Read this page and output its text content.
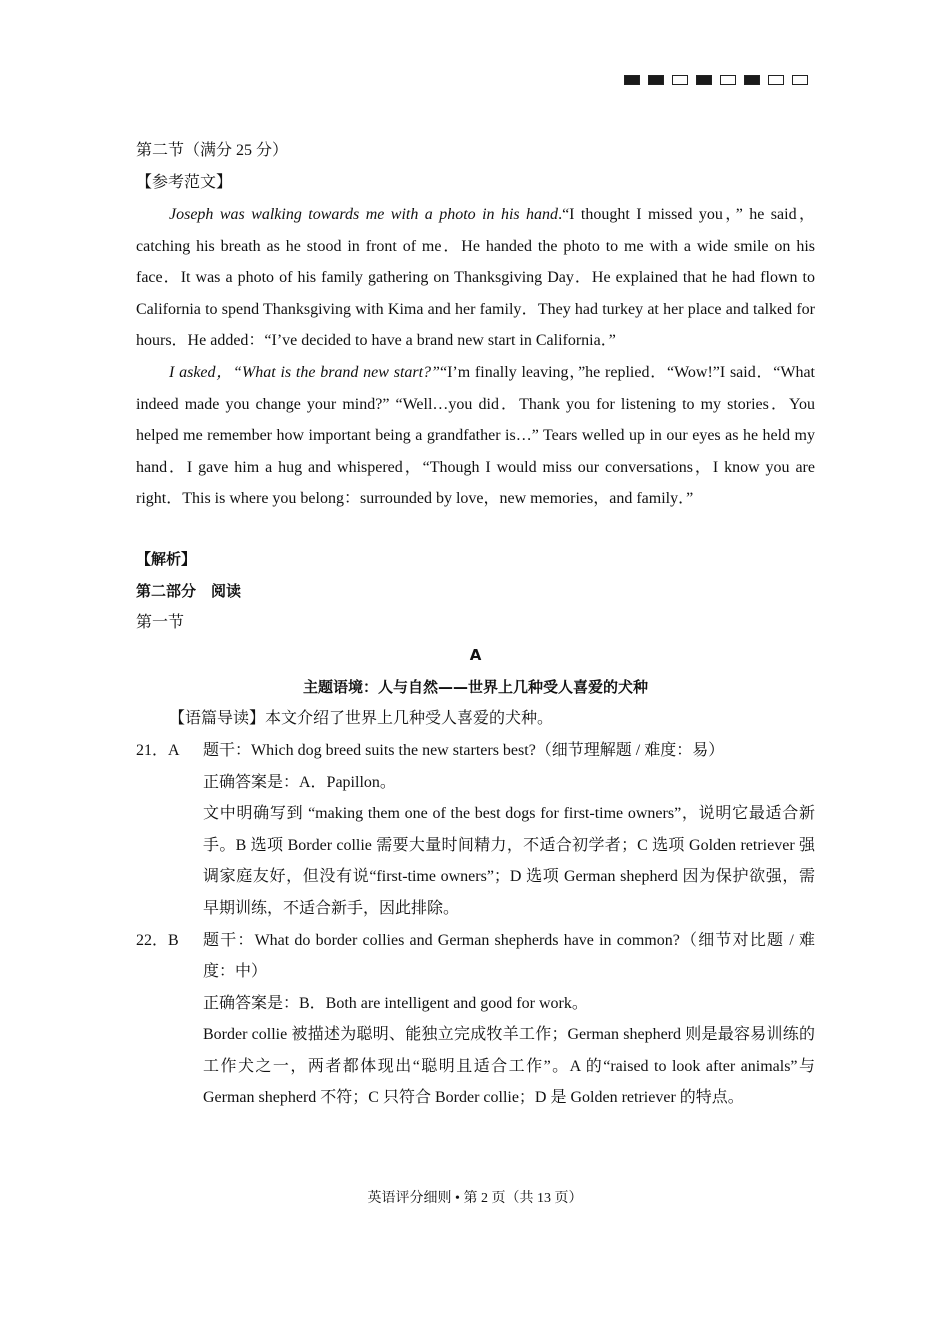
第二节（满分 25 分）
【参考范文】

Joseph was walking towards me with a photo in his hand.“I thought I missed you，” he said，catching his breath as he stood in front of me．He handed the photo to me with a wide smile on his face．It was a photo of his family gathering on Thanksgiving Day．He explained that he had flown to California to spend Thanksgiving with Kima and her family．They had turkey at her place and talked for hours．He added：“I’ve decided to have a brand new start in California．”

I asked，“What is the brand new start?”“I’m finally leaving，”he replied．“Wow!”I said．“What indeed made you change your mind?” “Well…you did．Thank you for listening to my stories．You helped me remember how important being a grandfather is…” Tears welled up in our eyes as he held my hand．I gave him a hug and whispered，“Though I would miss our conversations，I know you are right．This is where you belong：surrounded by love，new memories，and family．”

【解析】
第二部分　阅读
第一节
A
主题语境：人与自然——世界上几种受人喜爱的犬种
【语篇导读】本文介绍了世界上几种受人喜爱的犬种。
21．A 题干：Which dog breed suits the new starters best?（细节理解题 / 难度：易）
正确答案是：A．Papillon。
文中明确写到 “making them one of the best dogs for first-time owners”，说明它最适合新手。B 选项 Border collie 需要大量时间精力，不适合初学者；C 选项 Golden retriever 强调家庭友好，但没有说“first-time owners”；D 选项 German shepherd 因为保护欲强，需早期训练，不适合新手，因此排除。
22．B 题干：What do border collies and German shepherds have in common?（细节对比题 / 难度：中）
正确答案是：B．Both are intelligent and good for work。
Border collie 被描述为聪明、能独立完成牧羊工作；German shepherd 则是最容易训练的工作犬之一，两者都体现出“聪明且适合工作”。A 的“raised to look after animals”与 German shepherd 不符；C 只符合 Border collie；D 是 Golden retriever 的特点。
英语评分细则 • 第 2 页（共 13 页）
